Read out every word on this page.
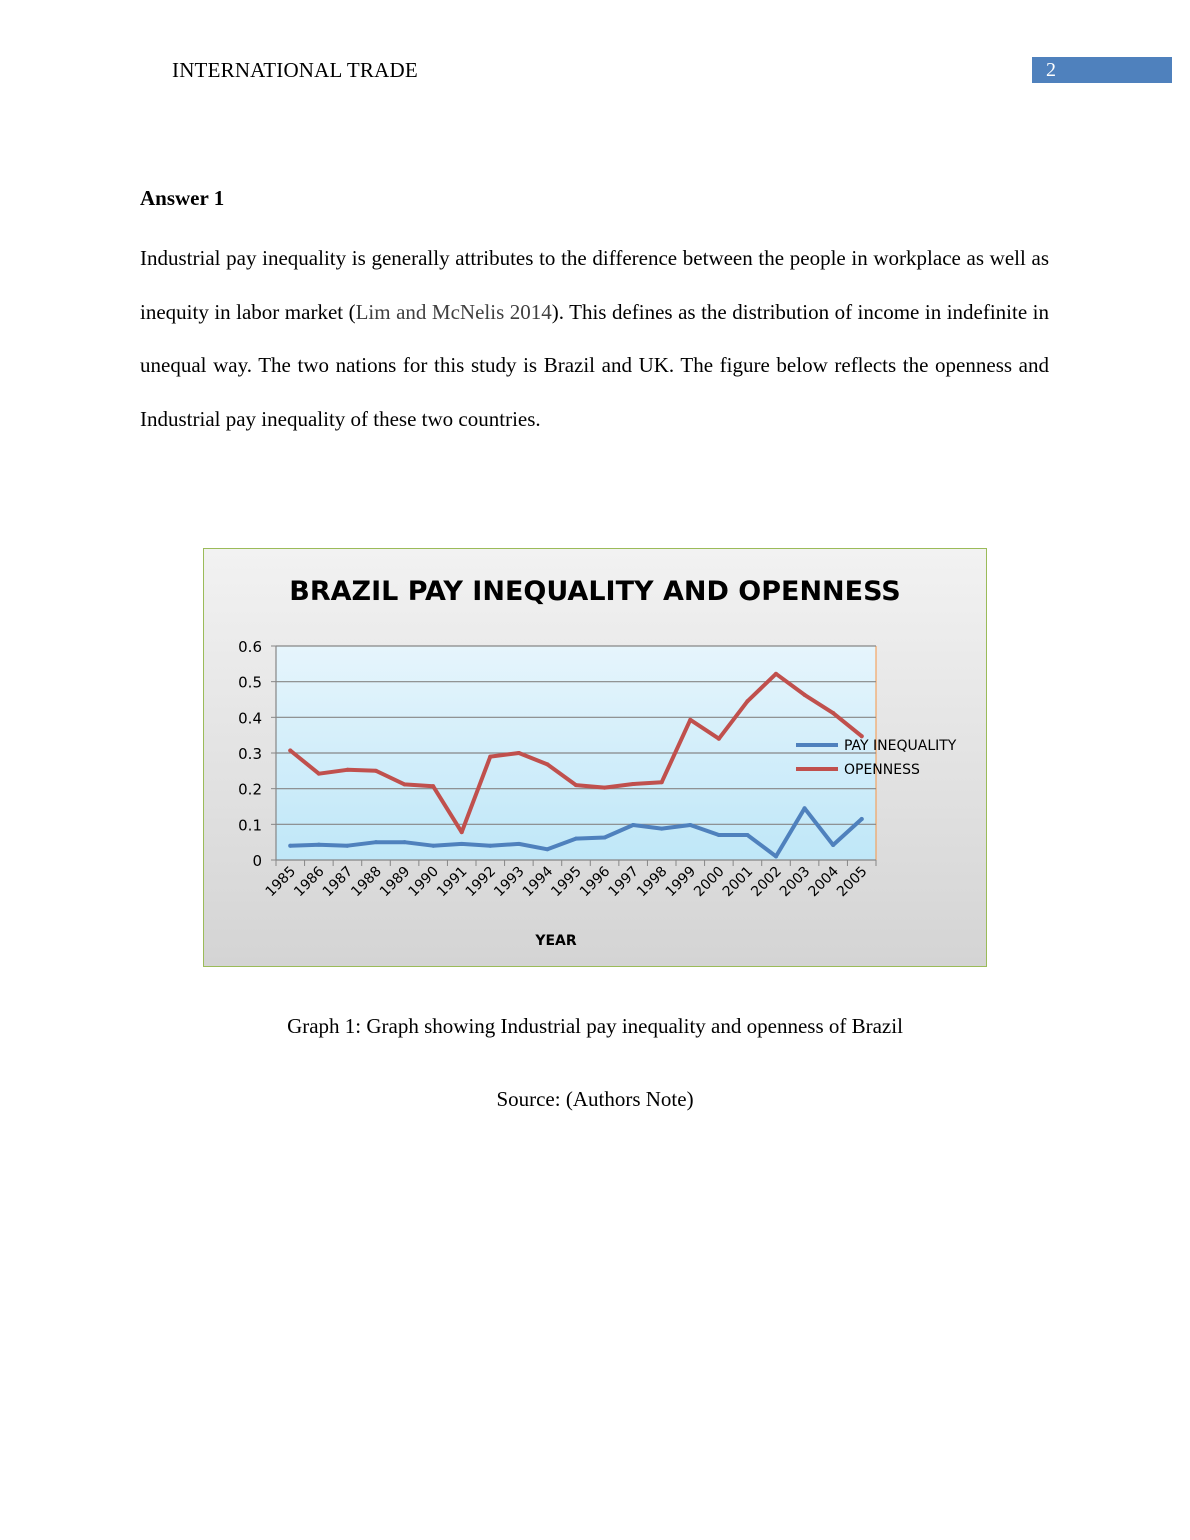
INTERNATIONAL TRADE	2
Answer 1

Industrial pay inequality is generally attributes to the difference between the people in workplace as well as inequity in labor market (Lim and McNelis 2014). This defines as the distribution of income in indefinite in unequal way. The two nations for this study is Brazil and UK. The figure below reflects the openness and Industrial pay inequality of these two countries.

BRAZIL PAY INEQUALITY AND OPENNESS
0
0.1
0.2
0.3
0.4
0.5
0.6
1985
1986
1987
1988
1989
1990
1991
1992
1993
1994
1995
1996
1997
1998
1999
2000
2001
2002
2003
2004
2005
PAY INEQUALITY
OPENNESS
YEAR
Graph 1: Graph showing Industrial pay inequality and openness of Brazil
Source: (Authors Note)
